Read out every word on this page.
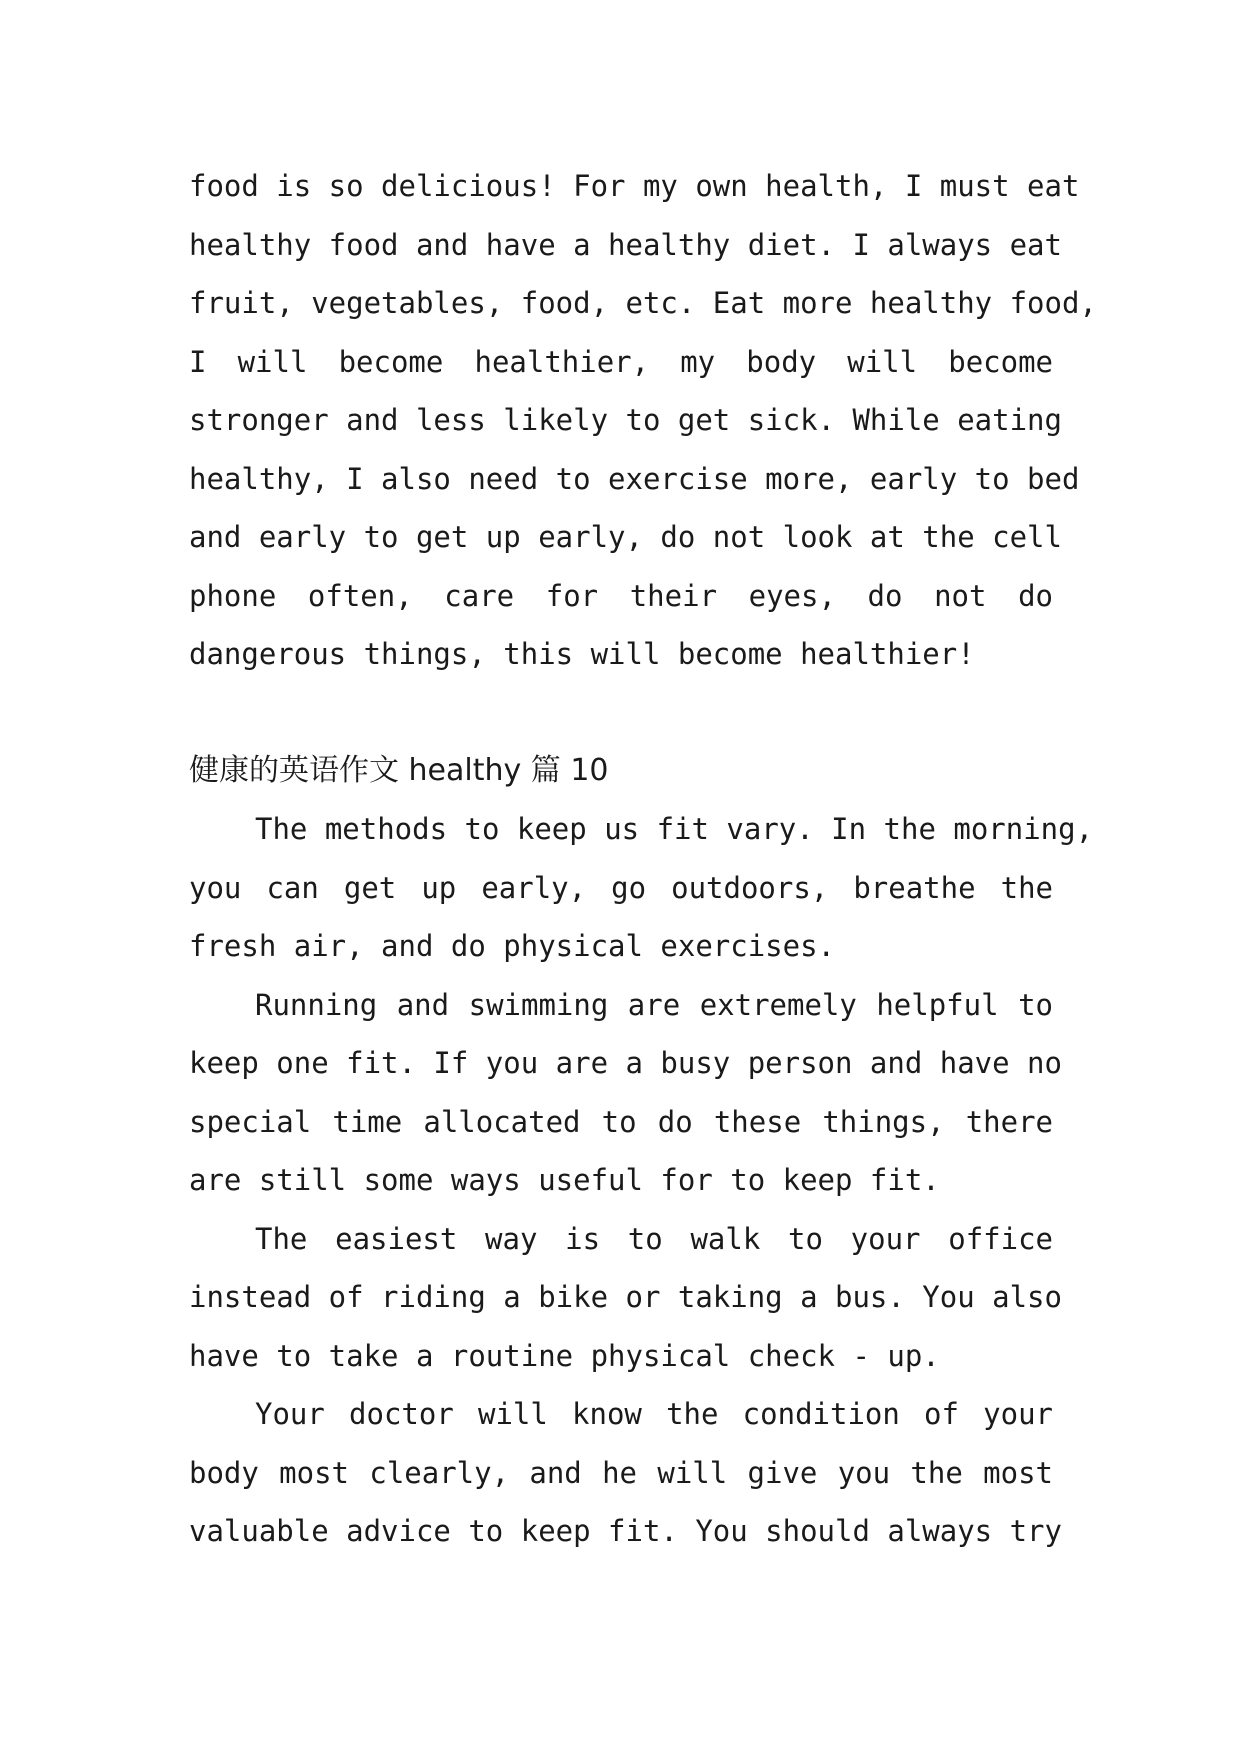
food is so delicious! For my own health, I must eat
healthy food and have a healthy diet. I always eat
fruit, vegetables, food, etc. Eat more healthy food,
I will become healthier, my body will become
stronger and less likely to get sick. While eating
healthy, I also need to exercise more, early to bed
and early to get up early, do not look at the cell
phone often, care for their eyes, do not do
dangerous things, this will become healthier!
健康的英语作文 healthy 篇 10
The methods to keep us fit vary. In the morning,
you can get up early, go outdoors, breathe the
fresh air, and do physical exercises.
Running and swimming are extremely helpful to
keep one fit. If you are a busy person and have no
special time allocated to do these things, there
are still some ways useful for to keep fit.
The easiest way is to walk to your office
instead of riding a bike or taking a bus. You also
have to take a routine physical check - up.
Your doctor will know the condition of your
body most clearly, and he will give you the most
valuable advice to keep fit. You should always try
